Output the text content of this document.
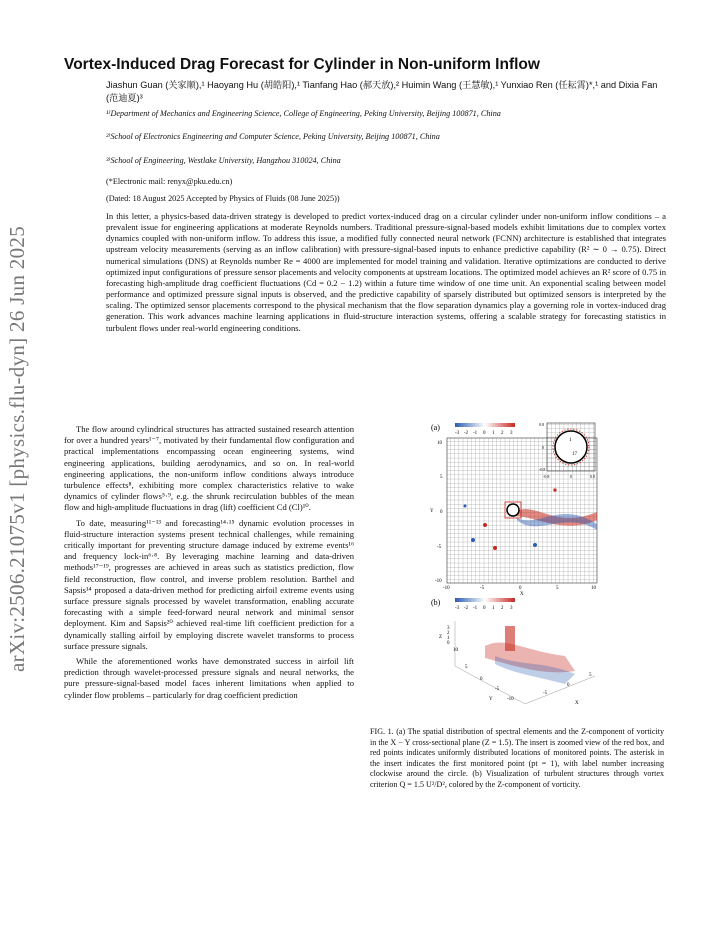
arXiv:2506.21075v1 [physics.flu-dyn] 26 Jun 2025
Vortex-Induced Drag Forecast for Cylinder in Non-uniform Inflow
Jiashun Guan (关家顺),¹ Haoyang Hu (胡皓阳),¹ Tianfang Hao (郝天放),² Huimin Wang (王慧敏),¹ Yunxiao Ren (任耘霄)*,¹ and Dixia Fan (范迪夏)³
¹⁾Department of Mechanics and Engineering Science, College of Engineering, Peking University, Beijing 100871, China
²⁾School of Electronics Engineering and Computer Science, Peking University, Beijing 100871, China
³⁾School of Engineering, Westlake University, Hangzhou 310024, China
(*Electronic mail: renyx@pku.edu.cn)
(Dated: 18 August 2025 Accepted by Physics of Fluids (08 June 2025))
In this letter, a physics-based data-driven strategy is developed to predict vortex-induced drag on a circular cylinder under non-uniform inflow conditions – a prevalent issue for engineering applications at moderate Reynolds numbers. Traditional pressure-signal-based models exhibit limitations due to complex vortex dynamics coupled with non-uniform inflow. To address this issue, a modified fully connected neural network (FCNN) architecture is established that integrates upstream velocity measurements (serving as an inflow calibration) with pressure-signal-based inputs to enhance predictive capability (R² ∼ 0 → 0.75). Direct numerical simulations (DNS) at Reynolds number Re = 4000 are implemented for model training and validation. Iterative optimizations are conducted to derive optimized input configurations of pressure sensor placements and velocity components at upstream locations. The optimized model achieves an R² score of 0.75 in forecasting high-amplitude drag coefficient fluctuations (Cd = 0.2 − 1.2) within a future time window of one time unit. An exponential scaling between model performance and optimized pressure signal inputs is observed, and the predictive capability of sparsely distributed but optimized sensors is interpreted by the scaling. The optimized sensor placements correspond to the physical mechanism that the flow separation dynamics play a governing role in vortex-induced drag generation. This work advances machine learning applications in fluid-structure interaction systems, offering a scalable strategy for forecasting statistics in turbulent flows under real-world engineering conditions.

The flow around cylindrical structures has attracted sustained research attention for over a hundred years¹⁻⁷, motivated by their fundamental flow configuration and practical implementations encompassing ocean engineering systems, wind engineering applications, building aerodynamics, and so on. In real-world engineering applications, the non-uniform inflow conditions always introduce turbulence effects⁸, exhibiting more complex characteristics relative to wake dynamics of cylinder flows⁵·⁹, e.g. the shrunk recirculation bubbles of the mean flow and high-amplitude fluctuations in drag (lift) coefficient Cd (Cl)¹⁰.

To date, measuring¹¹⁻¹³ and forecasting¹⁴·¹⁵ dynamic evolution processes in fluid-structure interaction systems present technical challenges, while remaining critically important for preventing structure damage induced by extreme events¹⁶ and frequency lock-in⁶·⁸. By leveraging machine learning and data-driven methods¹⁷⁻¹⁹, progresses are achieved in areas such as statistics prediction, flow field reconstruction, flow control, and inverse problem resolution. Barthel and Sapsis¹⁴ proposed a data-driven method for predicting airfoil extreme events using surface pressure signals processed by wavelet transformation, enabling accurate forecasting with a simple feed-forward neural network and minimal sensor deployment. Kim and Sapsis²⁰ achieved real-time lift coefficient prediction for a dynamically stalling airfoil by employing discrete wavelet transforms to process surface pressure signals.

While the aforementioned works have demonstrated success in airfoil lift prediction through wavelet-processed pressure signals and neural networks, the pure pressure-signal-based model faces inherent limitations when applied to cylinder flow problems – particularly for drag coefficient prediction

(a)
-3 -2 -1 0 1 2 3
1
17
0.8
0
-0.8
-0.8	0	0.8
10
5
0
-5
-10
-10	-5	0	5	10
Y
X
(b)
-3 -2 -1 0 1 2 3
3
2
1
0
Z
10
5
0
-5
-10
Y
-5
0
5
X
FIG. 1. (a) The spatial distribution of spectral elements and the Z-component of vorticity in the X − Y cross-sectional plane (Z = 1.5). The insert is zoomed view of the red box, and red points indicates uniformly distributed locations of monitored points. The asterisk in the insert indicates the first monitored point (pt = 1), with label number increasing clockwise around the circle. (b) Visualization of turbulent structures through vortex criterion Q = 1.5 U²/D², colored by the Z-component of vorticity.
